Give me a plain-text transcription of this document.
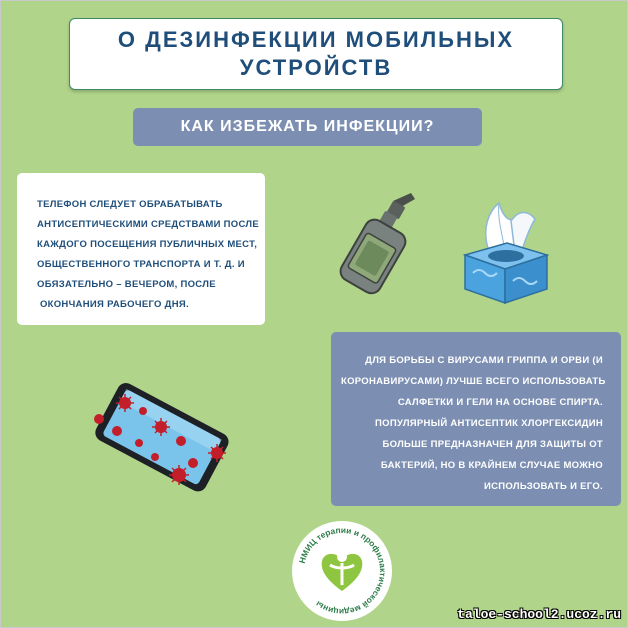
О ДЕЗИНФЕКЦИИ МОБИЛЬНЫХ
УСТРОЙСТВ
КАК ИЗБЕЖАТЬ ИНФЕКЦИИ?
ТЕЛЕФОН СЛЕДУЕТ ОБРАБАТЫВАТЬ
АНТИСЕПТИЧЕСКИМИ СРЕДСТВАМИ ПОСЛЕ
КАЖДОГО ПОСЕЩЕНИЯ ПУБЛИЧНЫХ МЕСТ,
ОБЩЕСТВЕННОГО ТРАНСПОРТА И Т. Д. И
ОБЯЗАТЕЛЬНО – ВЕЧЕРОМ, ПОСЛЕ
ОКОНЧАНИЯ РАБОЧЕГО ДНЯ.
ДЛЯ БОРЬБЫ С ВИРУСАМИ ГРИППА И ОРВИ (И
КОРОНАВИРУСАМИ) ЛУЧШЕ ВСЕГО ИСПОЛЬЗОВАТЬ
САЛФЕТКИ И ГЕЛИ НА ОСНОВЕ СПИРТА.
ПОПУЛЯРНЫЙ АНТИСЕПТИК ХЛОРГЕКСИДИН
БОЛЬШЕ ПРЕДНАЗНАЧЕН ДЛЯ ЗАЩИТЫ ОТ
БАКТЕРИЙ, НО В КРАЙНЕМ СЛУЧАЕ МОЖНО
ИСПОЛЬЗОВАТЬ И ЕГО.
НМИЦ терапии и профилактической медицины
taloe-school2.ucoz.ru
